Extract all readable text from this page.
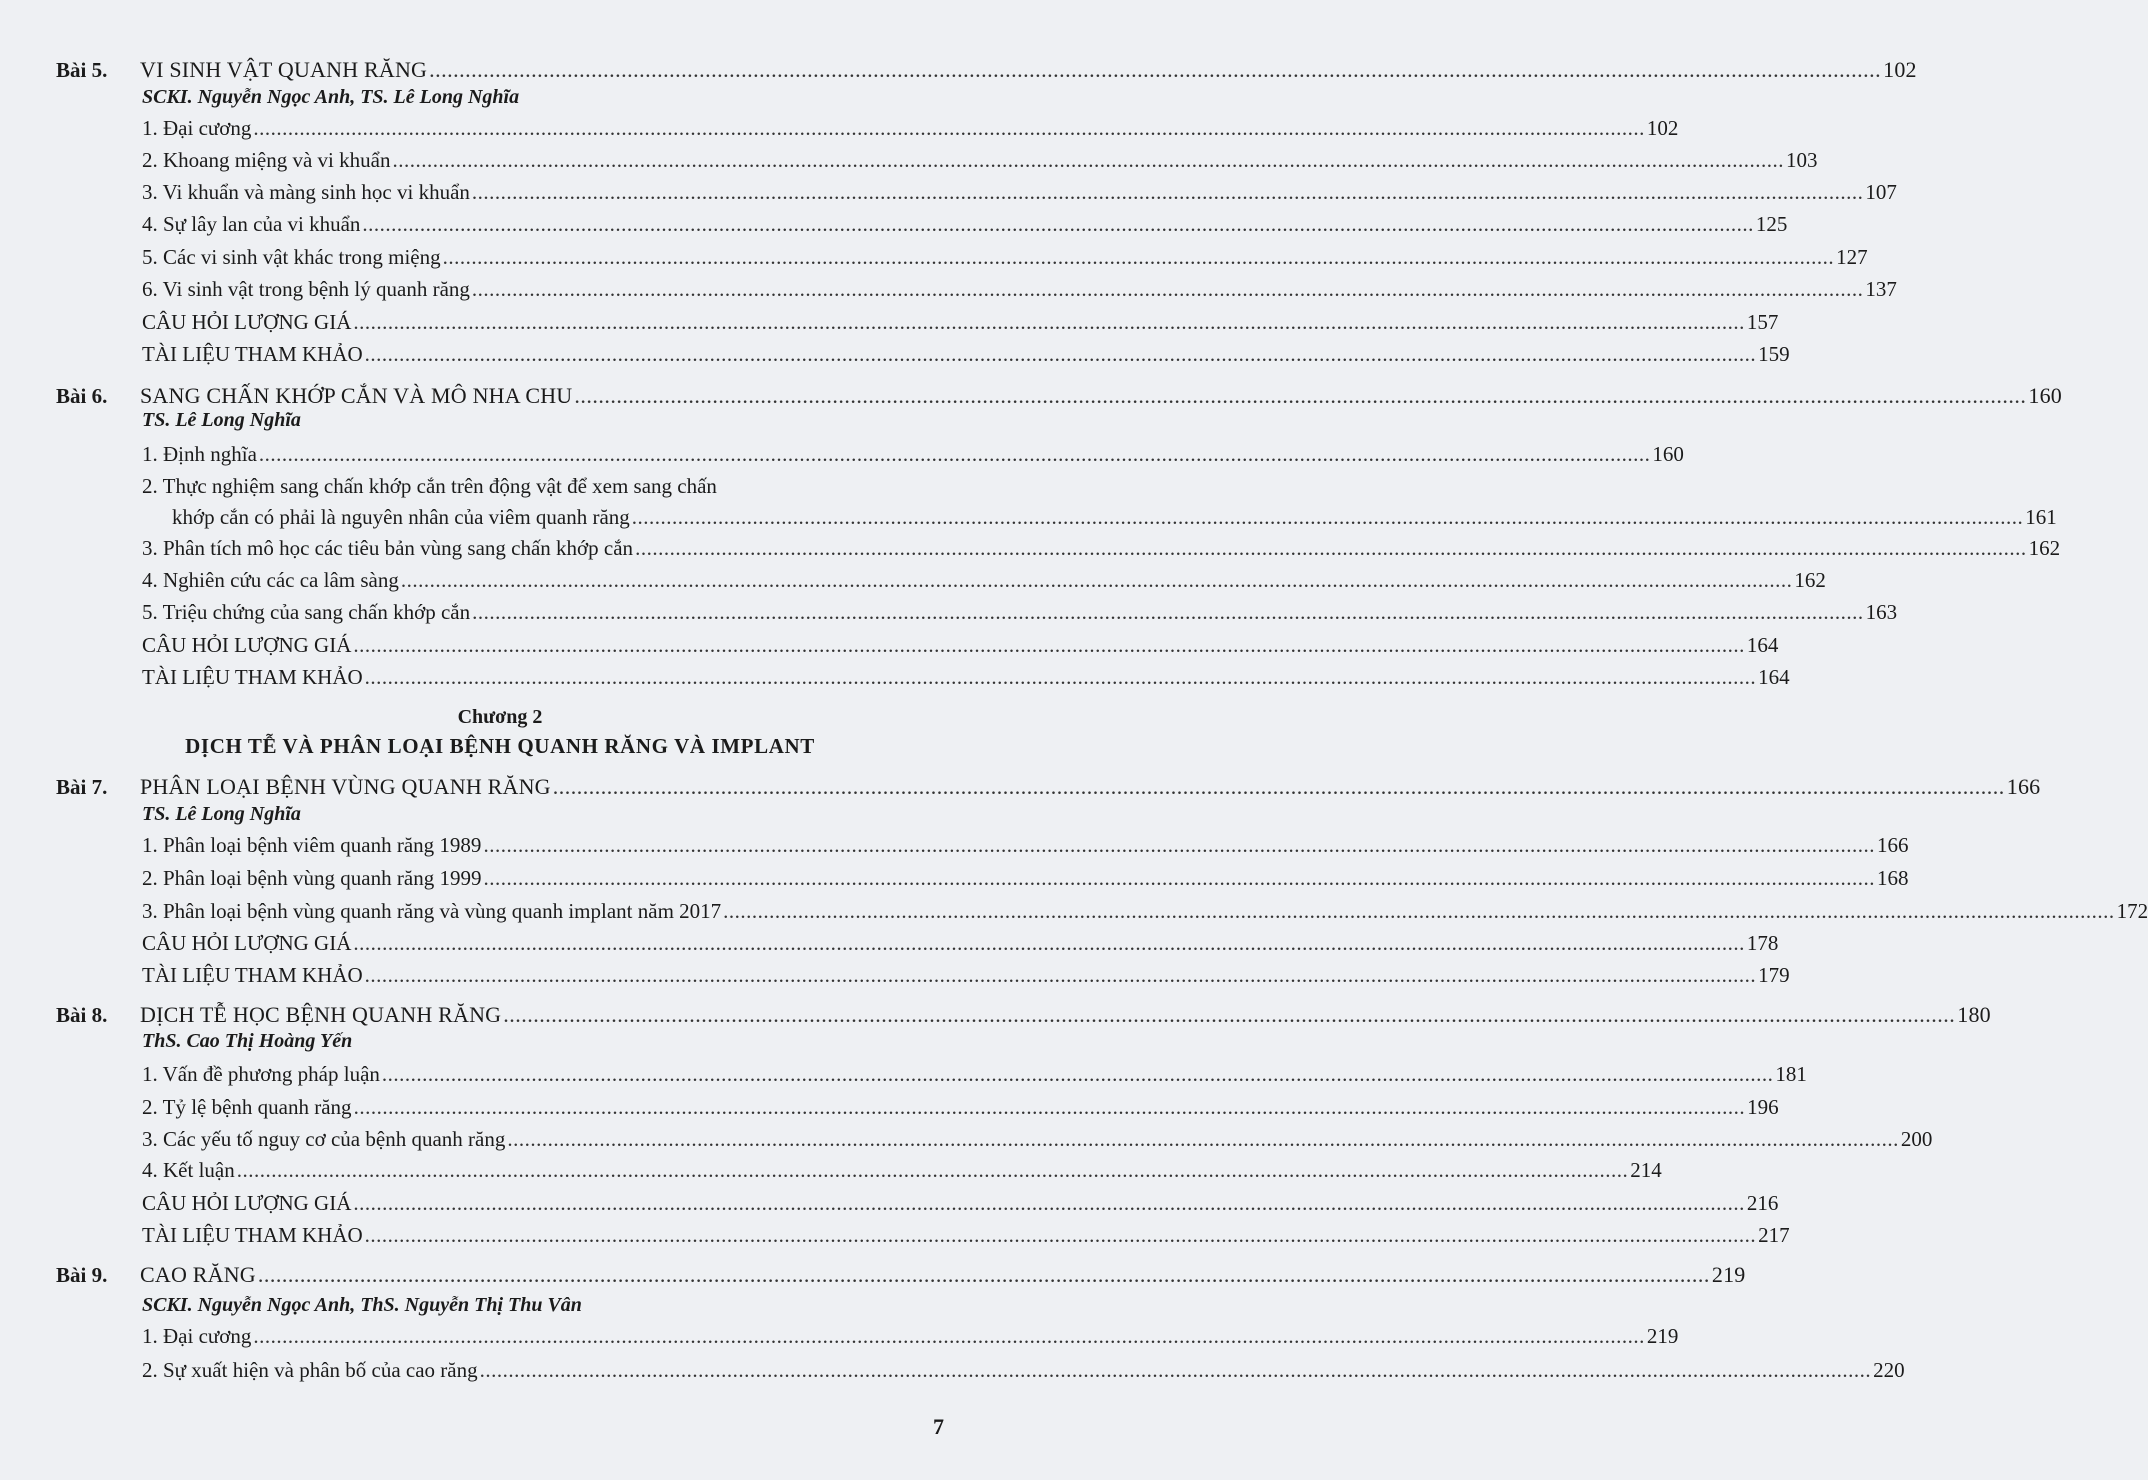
Bài 5. VI SINH VẬT QUANH RĂNG .................................................................................................................................................................................................................................................. 102
SCKI. Nguyễn Ngọc Anh, TS. Lê Long Nghĩa
1. Đại cương .................................................................................................................................................................................................................................................. 102
2. Khoang miệng và vi khuẩn .................................................................................................................................................................................................................................................. 103
3. Vi khuẩn và màng sinh học vi khuẩn .................................................................................................................................................................................................................................................. 107
4. Sự lây lan của vi khuẩn .................................................................................................................................................................................................................................................. 125
5. Các vi sinh vật khác trong miệng .................................................................................................................................................................................................................................................. 127
6. Vi sinh vật trong bệnh lý quanh răng .................................................................................................................................................................................................................................................. 137
CÂU HỎI LƯỢNG GIÁ .................................................................................................................................................................................................................................................. 157
TÀI LIỆU THAM KHẢO .................................................................................................................................................................................................................................................. 159
Bài 6. SANG CHẤN KHỚP CẮN VÀ MÔ NHA CHU .................................................................................................................................................................................................................................................. 160
TS. Lê Long Nghĩa
1. Định nghĩa .................................................................................................................................................................................................................................................. 160
2. Thực nghiệm sang chấn khớp cắn trên động vật để xem sang chấn
khớp cắn có phải là nguyên nhân của viêm quanh răng .................................................................................................................................................................................................................................................. 161
3. Phân tích mô học các tiêu bản vùng sang chấn khớp cắn .................................................................................................................................................................................................................................................. 162
4. Nghiên cứu các ca lâm sàng .................................................................................................................................................................................................................................................. 162
5. Triệu chứng của sang chấn khớp cắn .................................................................................................................................................................................................................................................. 163
CÂU HỎI LƯỢNG GIÁ .................................................................................................................................................................................................................................................. 164
TÀI LIỆU THAM KHẢO .................................................................................................................................................................................................................................................. 164
Chương 2
DỊCH TỄ VÀ PHÂN LOẠI BỆNH QUANH RĂNG VÀ IMPLANT
Bài 7. PHÂN LOẠI BỆNH VÙNG QUANH RĂNG .................................................................................................................................................................................................................................................. 166
TS. Lê Long Nghĩa
1. Phân loại bệnh viêm quanh răng 1989 .................................................................................................................................................................................................................................................. 166
2. Phân loại bệnh vùng quanh răng 1999 .................................................................................................................................................................................................................................................. 168
3. Phân loại bệnh vùng quanh răng và vùng quanh implant năm 2017 .................................................................................................................................................................................................................................................. 172
CÂU HỎI LƯỢNG GIÁ .................................................................................................................................................................................................................................................. 178
TÀI LIỆU THAM KHẢO .................................................................................................................................................................................................................................................. 179
Bài 8. DỊCH TỄ HỌC BỆNH QUANH RĂNG .................................................................................................................................................................................................................................................. 180
ThS. Cao Thị Hoàng Yến
1. Vấn đề phương pháp luận .................................................................................................................................................................................................................................................. 181
2. Tỷ lệ bệnh quanh răng .................................................................................................................................................................................................................................................. 196
3. Các yếu tố nguy cơ của bệnh quanh răng .................................................................................................................................................................................................................................................. 200
4. Kết luận .................................................................................................................................................................................................................................................. 214
CÂU HỎI LƯỢNG GIÁ .................................................................................................................................................................................................................................................. 216
TÀI LIỆU THAM KHẢO .................................................................................................................................................................................................................................................. 217
Bài 9. CAO RĂNG .................................................................................................................................................................................................................................................. 219
SCKI. Nguyễn Ngọc Anh, ThS. Nguyễn Thị Thu Vân
1. Đại cương .................................................................................................................................................................................................................................................. 219
2. Sự xuất hiện và phân bố của cao răng .................................................................................................................................................................................................................................................. 220
7
